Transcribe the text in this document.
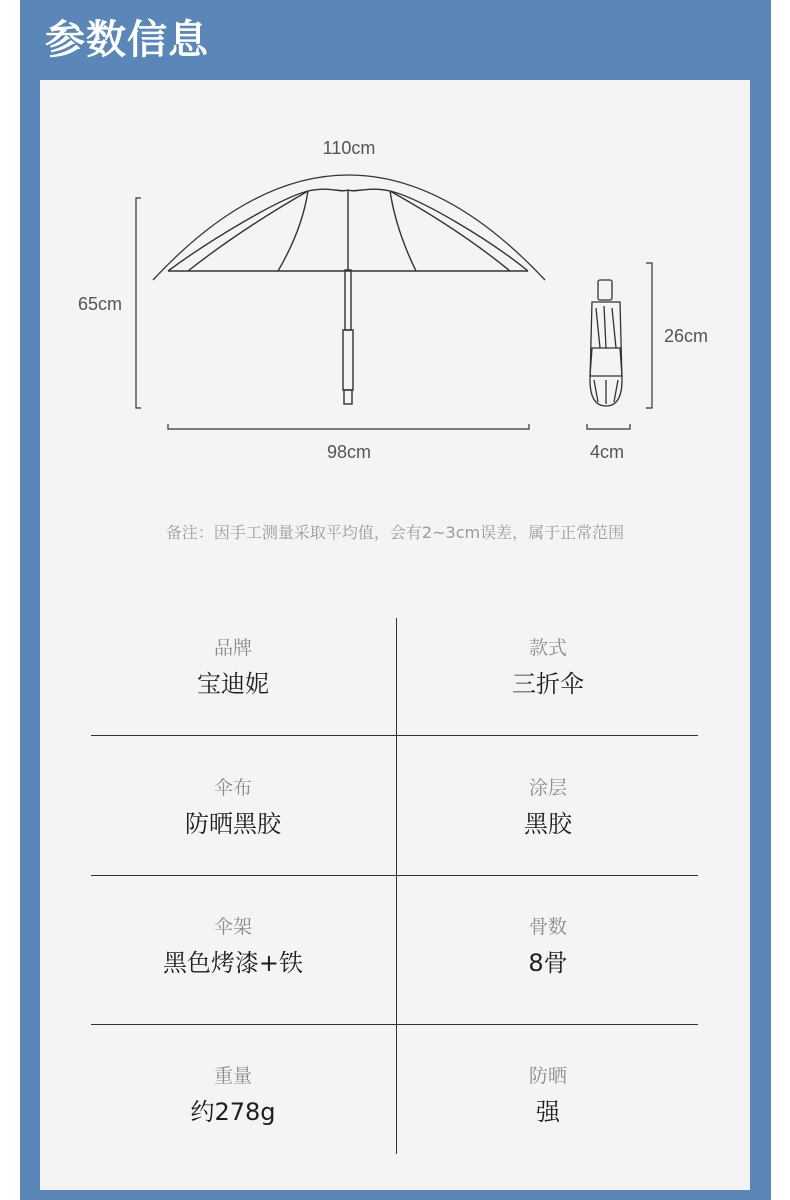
参数信息
110cm
65cm
98cm
26cm
4cm
备注：因手工测量采取平均值，会有2~3cm误差，属于正常范围
品牌
宝迪妮
款式
三折伞
伞布
防晒黑胶
涂层
黑胶
伞架
黑色烤漆+铁
骨数
8骨
重量
约278g
防晒
强
